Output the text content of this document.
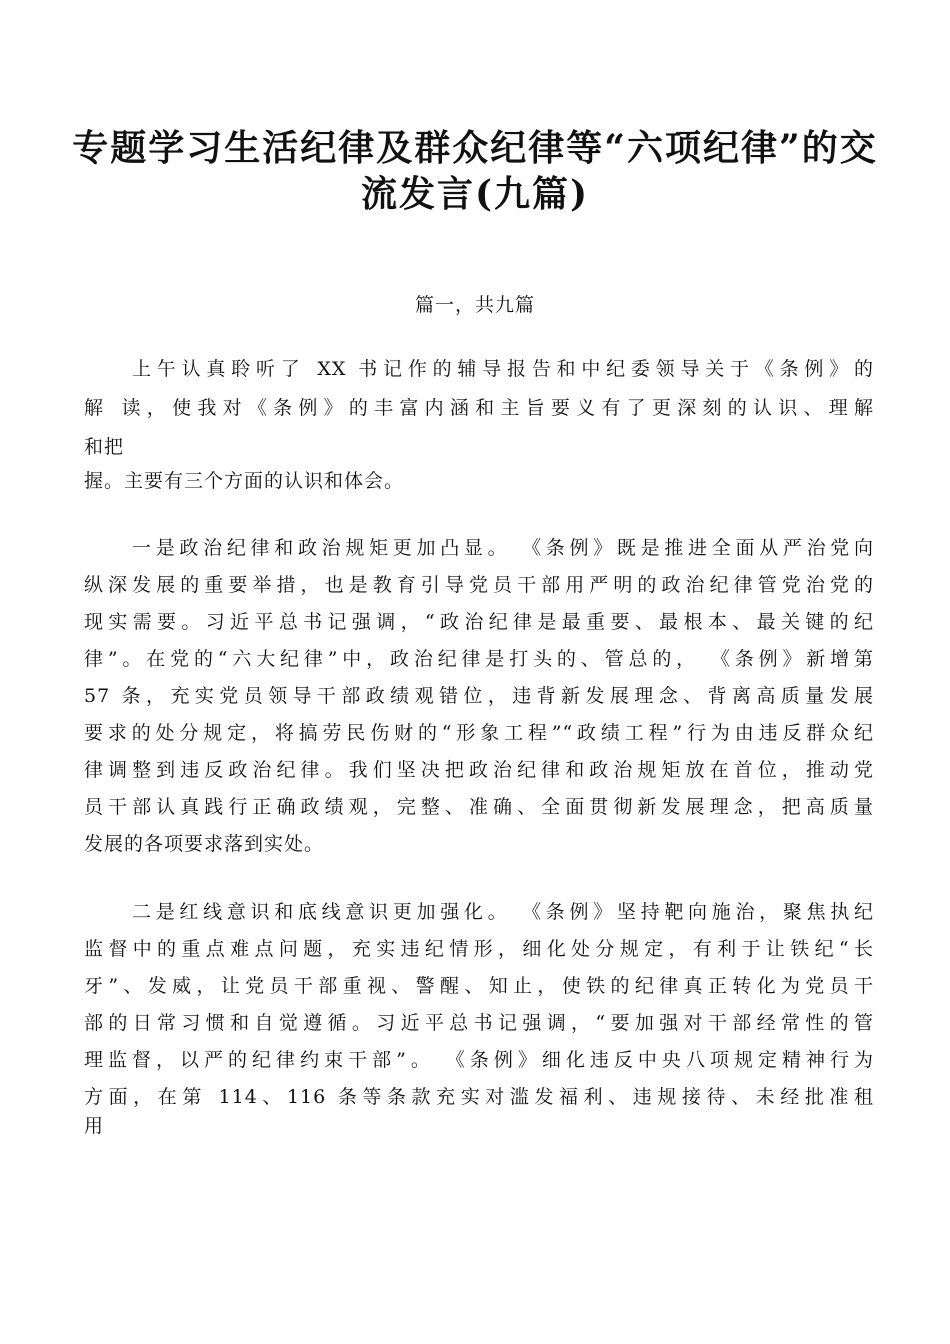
专题学习生活纪律及群众纪律等“六项纪律”的交
流发言(九篇)
篇一，共九篇
上午认真聆听了 XX 书记作的辅导报告和中纪委领导关于《条例》的
解 读，使我对《条例》的丰富内涵和主旨要义有了更深刻的认识、理解
和把
握。主要有三个方面的认识和体会。
一是政治纪律和政治规矩更加凸显。 《条例》既是推进全面从严治党向
纵深发展的重要举措，也是教育引导党员干部用严明的政治纪律管党治党的
现实需要。习近平总书记强调，“政治纪律是最重要、最根本、最关键的纪
律”。在党的“六大纪律”中，政治纪律是打头的、管总的， 《条例》新增第
57 条，充实党员领导干部政绩观错位，违背新发展理念、背离高质量发展
要求的处分规定，将搞劳民伤财的“形象工程”“政绩工程”行为由违反群众纪
律调整到违反政治纪律。我们坚决把政治纪律和政治规矩放在首位，推动党
员干部认真践行正确政绩观，完整、准确、全面贯彻新发展理念，把高质量
发展的各项要求落到实处。
二是红线意识和底线意识更加强化。 《条例》坚持靶向施治，聚焦执纪
监督中的重点难点问题，充实违纪情形，细化处分规定，有利于让铁纪“长
牙”、发威，让党员干部重视、警醒、知止，使铁的纪律真正转化为党员干
部的日常习惯和自觉遵循。习近平总书记强调，“要加强对干部经常性的管
理监督，以严的纪律约束干部”。 《条例》细化违反中央八项规定精神行为
方面，在第 114、116 条等条款充实对滥发福利、违规接待、未经批准租
用
